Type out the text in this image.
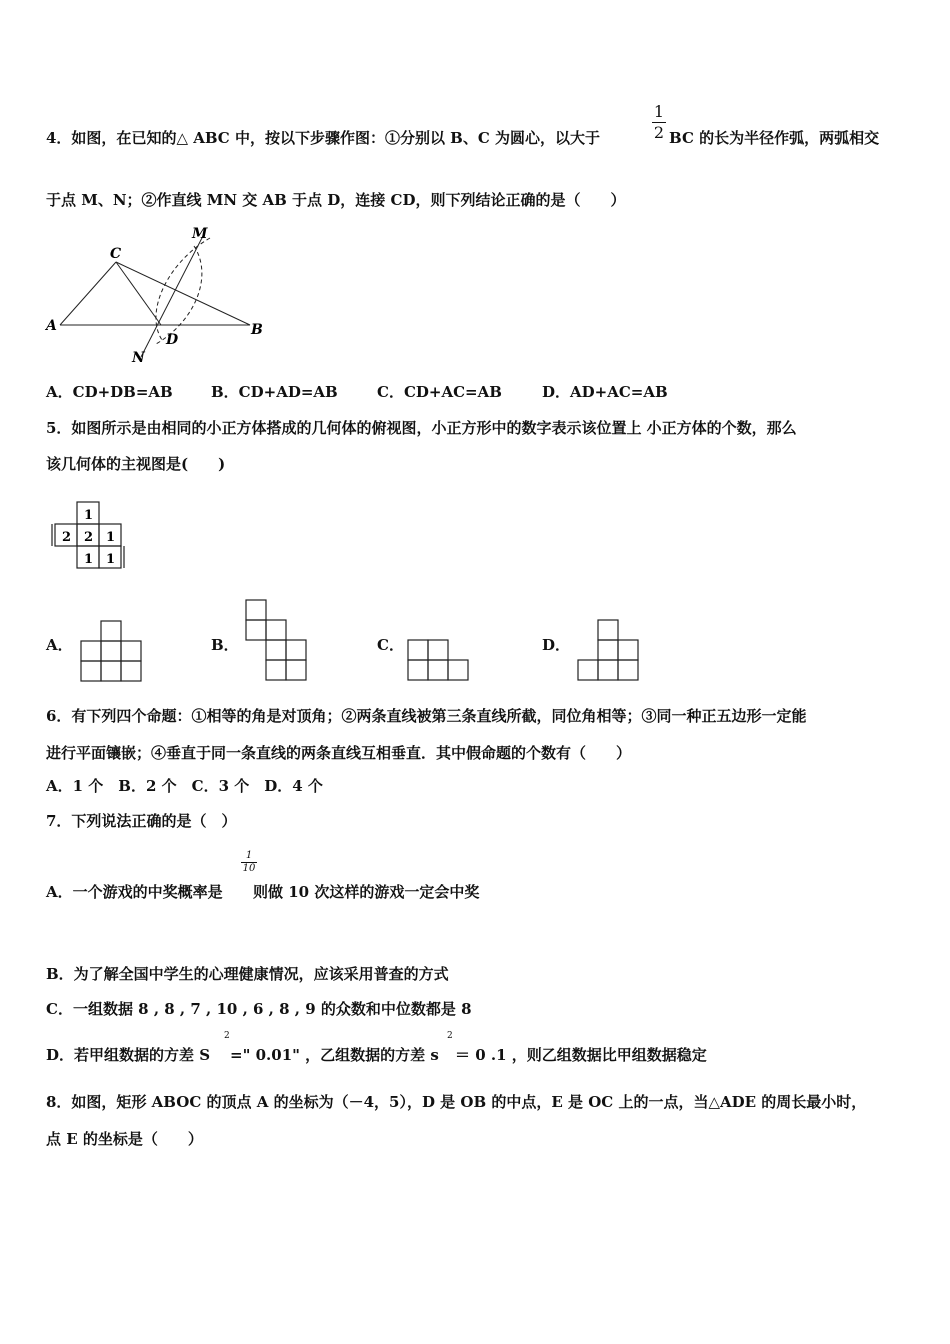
4．如图，在已知的△ ABC 中，按以下步骤作图：①分别以 B、C 为圆心，以大于
1
2 BC 的长为半径作弧，两弧相交
于点 M、N；②作直线 MN 交 AB 于点 D，连接 CD，则下列结论正确的是（　　）
C
M
A	B
D
N
A．CD+DB=AB	B．CD+AD=AB	C．CD+AC=AB	D．AD+AC=AB
5．如图所示是由相同的小正方体搭成的几何体的俯视图，小正方形中的数字表示该位置上 小正方体的个数，那么
该几何体的主视图是(　　)
1
2 2 1
1 1
A．	B．	C．	D．
6．有下列四个命题：①相等的角是对顶角；②两条直线被第三条直线所截，同位角相等；③同一种正五边形一定能
进行平面镶嵌；④垂直于同一条直线的两条直线互相垂直．其中假命题的个数有（　　）
A．1 个　B．2 个　C．3 个　D．4 个
7．下列说法正确的是（　）
A．一个游戏的中奖概率是
1
10
则做 10 次这样的游戏一定会中奖
B．为了解全国中学生的心理健康情况，应该采用普查的方式
C．一组数据 8 , 8 , 7 , 10 , 6 , 8 , 9 的众数和中位数都是 8
D．若甲组数据的方差 S
2
=" 0.01" ，乙组数据的方差 s
2
＝ 0 .1 ，则乙组数据比甲组数据稳定
8．如图，矩形 ABOC 的顶点 A 的坐标为（－4，5），D 是 OB 的中点，E 是 OC 上的一点，当△ADE 的周长最小时，
点 E 的坐标是（　　）
